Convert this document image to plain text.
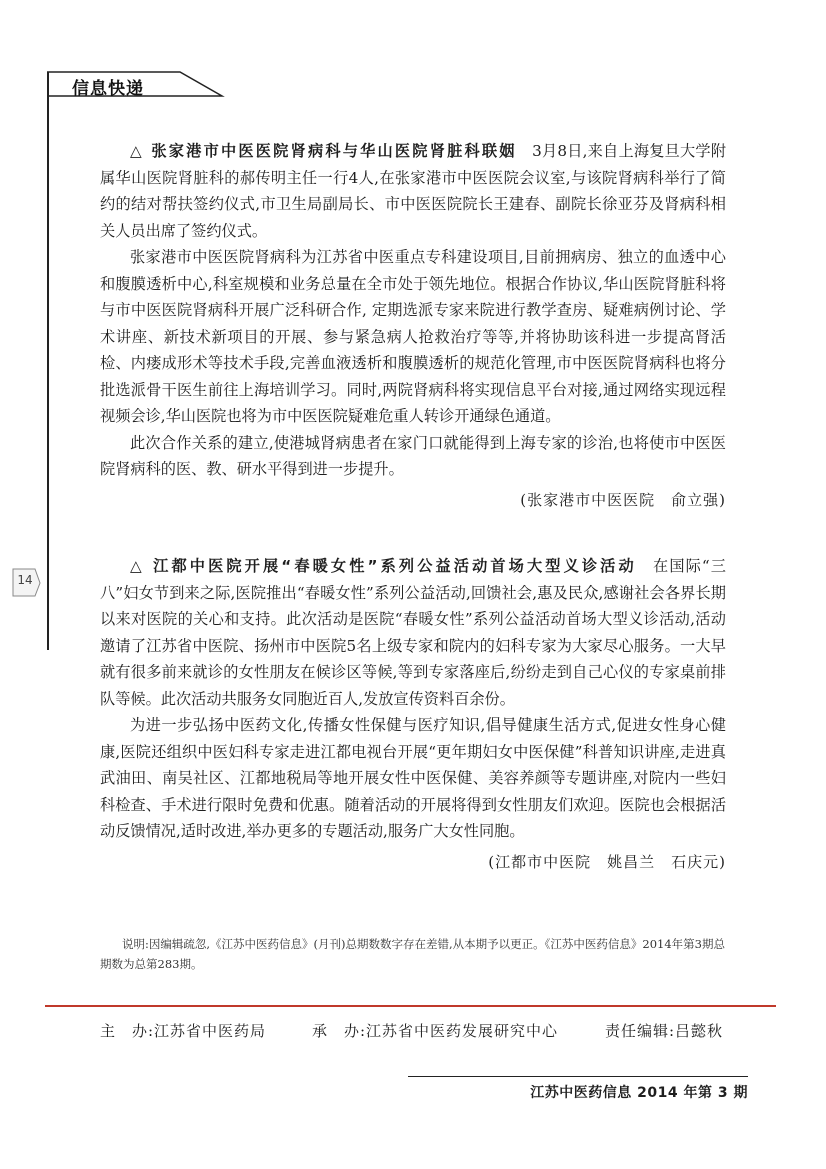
信息快递
14

△ 张家港市中医医院肾病科与华山医院肾脏科联姻　 3月8日,来自上海复旦大学附属华山医院肾脏科的郝传明主任一行4人,在张家港市中医医院会议室,与该院肾病科举行了简约的结对帮扶签约仪式,市卫生局副局长、市中医医院院长王建春、副院长徐亚芬及肾病科相关人员出席了签约仪式。

张家港市中医医院肾病科为江苏省中医重点专科建设项目,目前拥病房、独立的血透中心和腹膜透析中心,科室规模和业务总量在全市处于领先地位。根据合作协议,华山医院肾脏科将与市中医医院肾病科开展广泛科研合作, 定期选派专家来院进行教学查房、疑难病例讨论、学术讲座、新技术新项目的开展、参与紧急病人抢救治疗等等,并将协助该科进一步提高肾活检、内瘘成形术等技术手段,完善血液透析和腹膜透析的规范化管理,市中医医院肾病科也将分批选派骨干医生前往上海培训学习。同时,两院肾病科将实现信息平台对接,通过网络实现远程视频会诊,华山医院也将为市中医医院疑难危重人转诊开通绿色通道。

此次合作关系的建立,使港城肾病患者在家门口就能得到上海专家的诊治,也将使市中医医院肾病科的医、教、研水平得到进一步提升。

(张家港市中医医院　俞立强)

△ 江都中医院开展“春暖女性”系列公益活动首场大型义诊活动　 在国际“三八”妇女节到来之际,医院推出“春暖女性”系列公益活动,回馈社会,惠及民众,感谢社会各界长期以来对医院的关心和支持。此次活动是医院“春暖女性”系列公益活动首场大型义诊活动,活动邀请了江苏省中医院、扬州市中医院5名上级专家和院内的妇科专家为大家尽心服务。一大早就有很多前来就诊的女性朋友在候诊区等候,等到专家落座后,纷纷走到自己心仪的专家桌前排队等候。此次活动共服务女同胞近百人,发放宣传资料百余份。

为进一步弘扬中医药文化,传播女性保健与医疗知识,倡导健康生活方式,促进女性身心健康,医院还组织中医妇科专家走进江都电视台开展“更年期妇女中医保健”科普知识讲座,走进真武油田、南吴社区、江都地税局等地开展女性中医保健、美容养颜等专题讲座,对院内一些妇科检查、手术进行限时免费和优惠。随着活动的开展将得到女性朋友们欢迎。医院也会根据活动反馈情况,适时改进,举办更多的专题活动,服务广大女性同胞。

(江都市中医院　姚昌兰　石庆元)

说明:因编辑疏忽,《江苏中医药信息》(月刊)总期数数字存在差错,从本期予以更正。《江苏中医药信息》2014年第3期总期数为总第283期。

主　办:江苏省中医药局	承　办:江苏省中医药发展研究中心	责任编辑:吕懿秋
江苏中医药信息 2014 年第 3 期
